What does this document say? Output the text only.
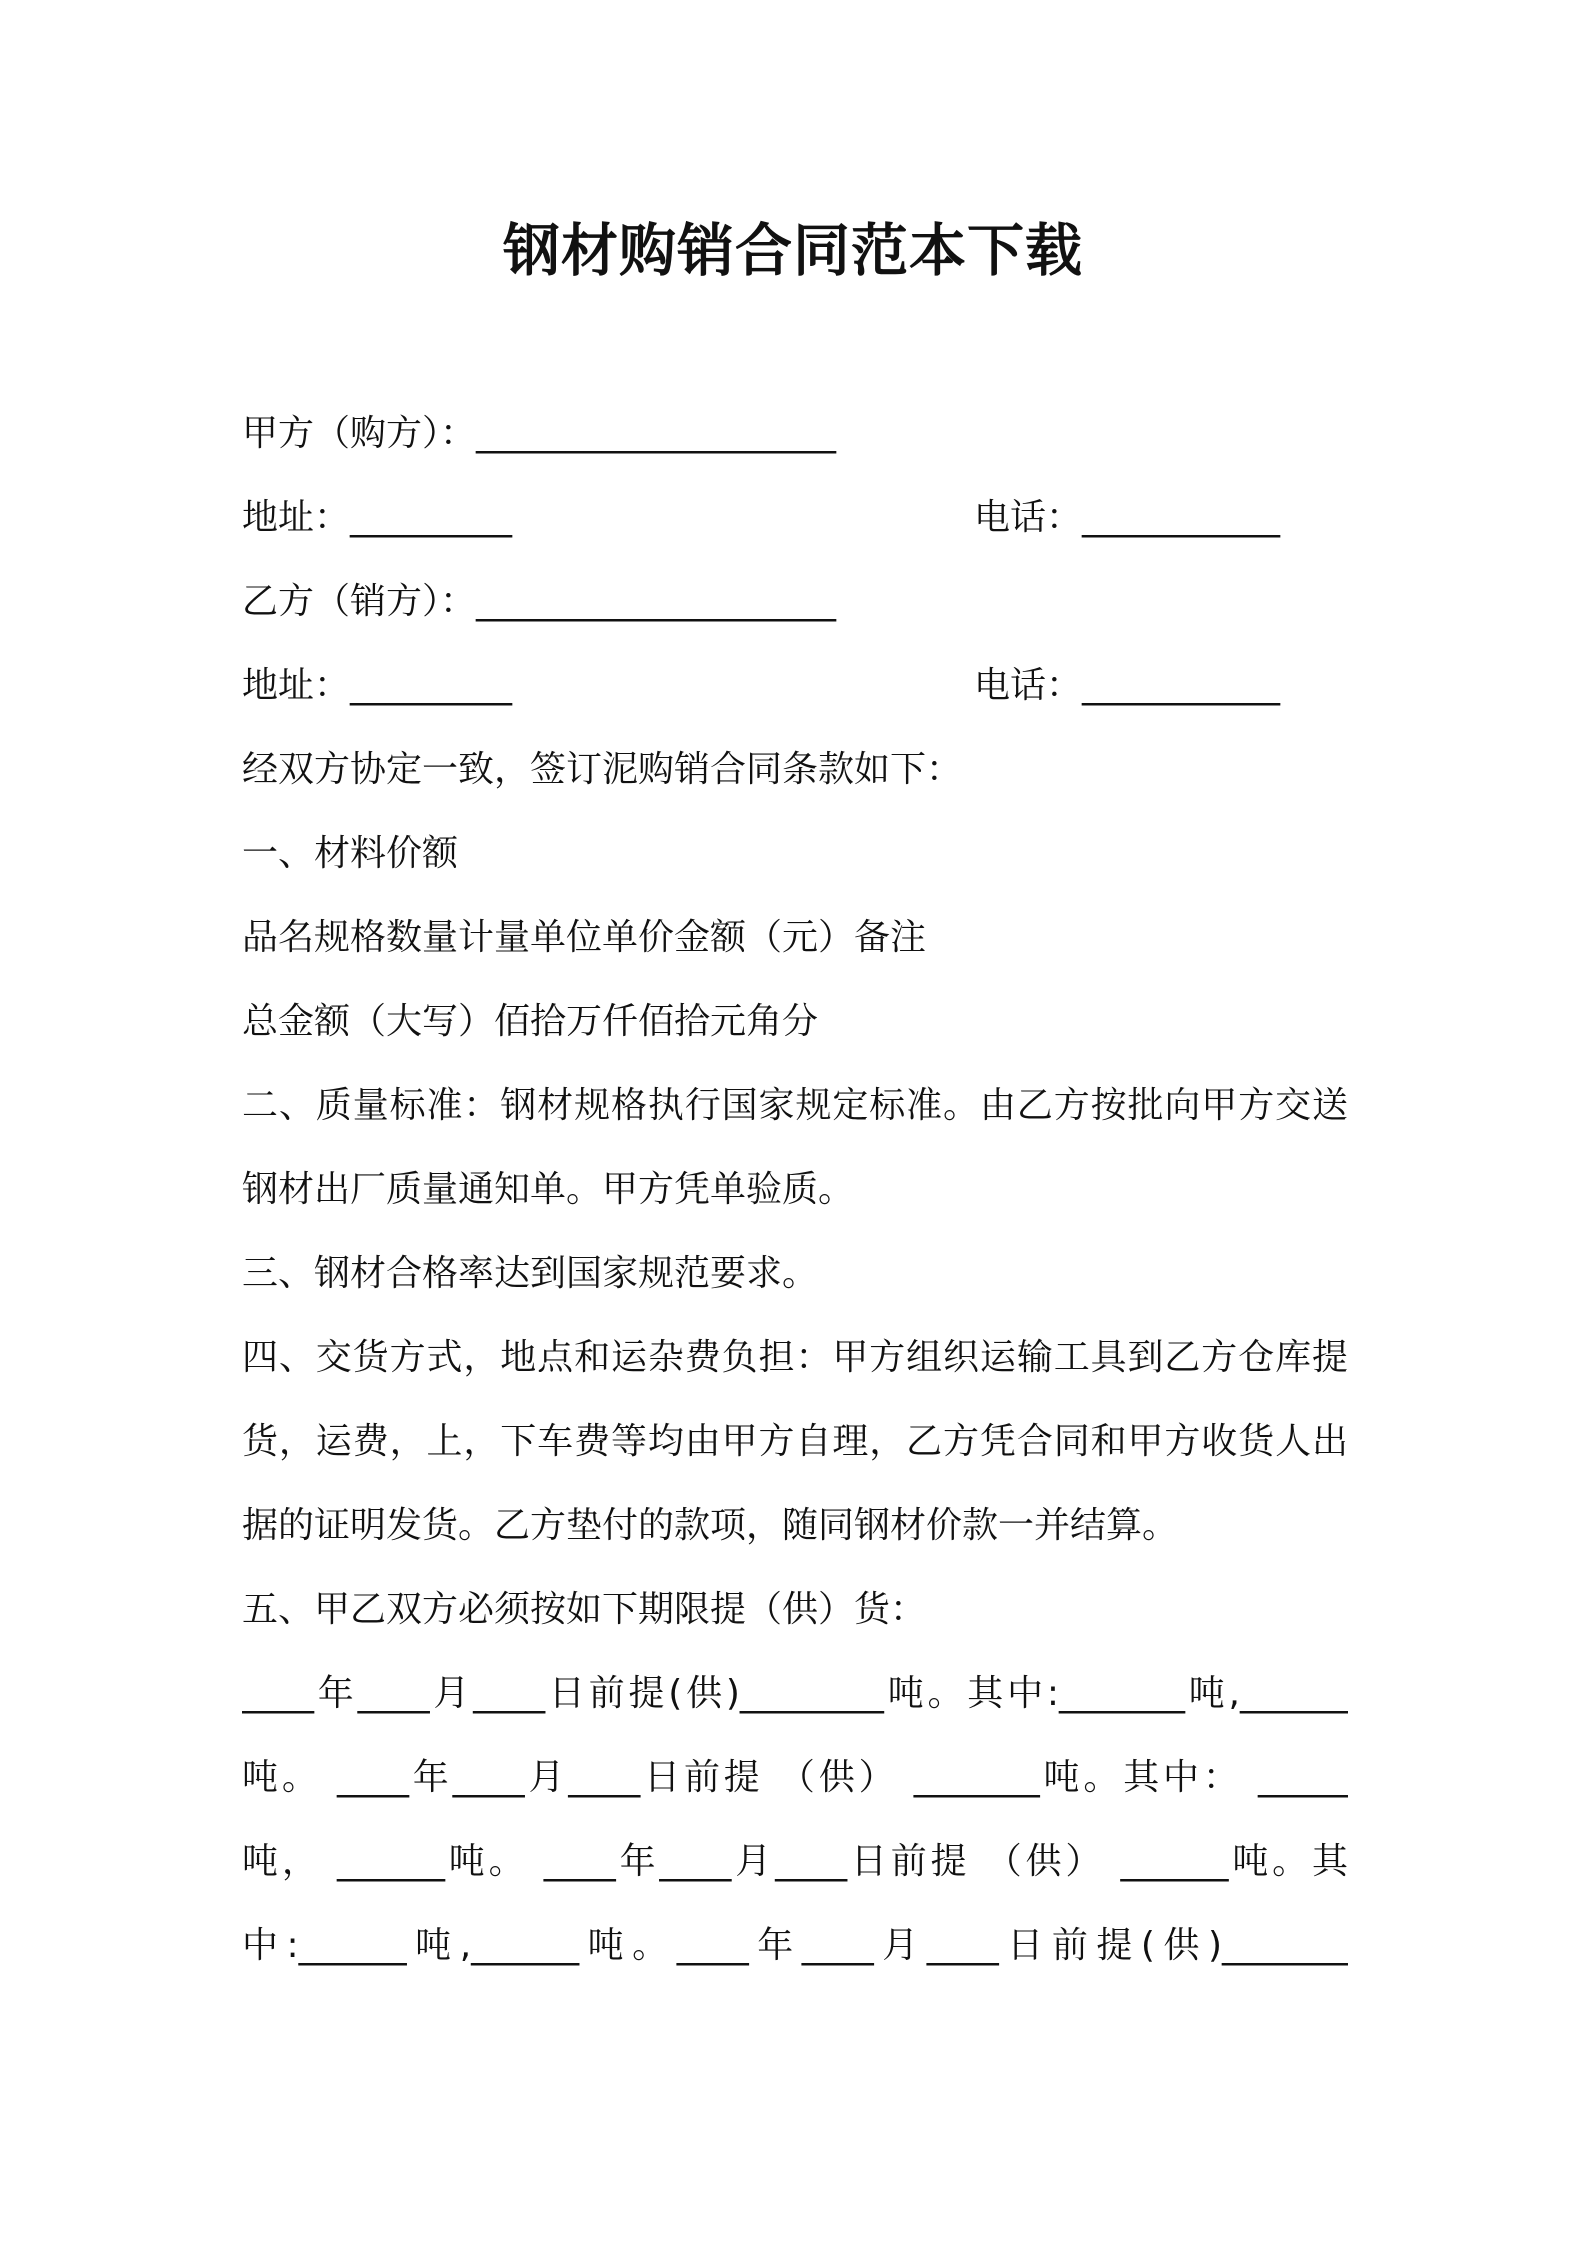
钢材购销合同范本下载
甲方（购方）：____________________
地址：_________	电话：___________
乙方（销方）：____________________
地址：_________	电话：___________
经双方协定一致，签订泥购销合同条款如下：
一、材料价额
品名规格数量计量单位单价金额（元）备注
总金额（大写）佰拾万仟佰拾元角分
二、质量标准：钢材规格执行国家规定标准。由乙方按批向甲方交送
钢材出厂质量通知单。甲方凭单验质。
三、钢材合格率达到国家规范要求。
四、交货方式，地点和运杂费负担：甲方组织运输工具到乙方仓库提
货，运费，上，下车费等均由甲方自理，乙方凭合同和甲方收货人出
据的证明发货。乙方垫付的款项，随同钢材价款一并结算。
五、甲乙双方必须按如下期限提（供）货：
____年____月____日前提(供)________吨。其中:_______吨,______
吨。 ____年____月____日前提 （供） _______吨。其中： _____
吨， ______吨。 ____年____月____日前提 （供） ______吨。其
中:______吨,______吨。____年____月____日前提(供)_______
